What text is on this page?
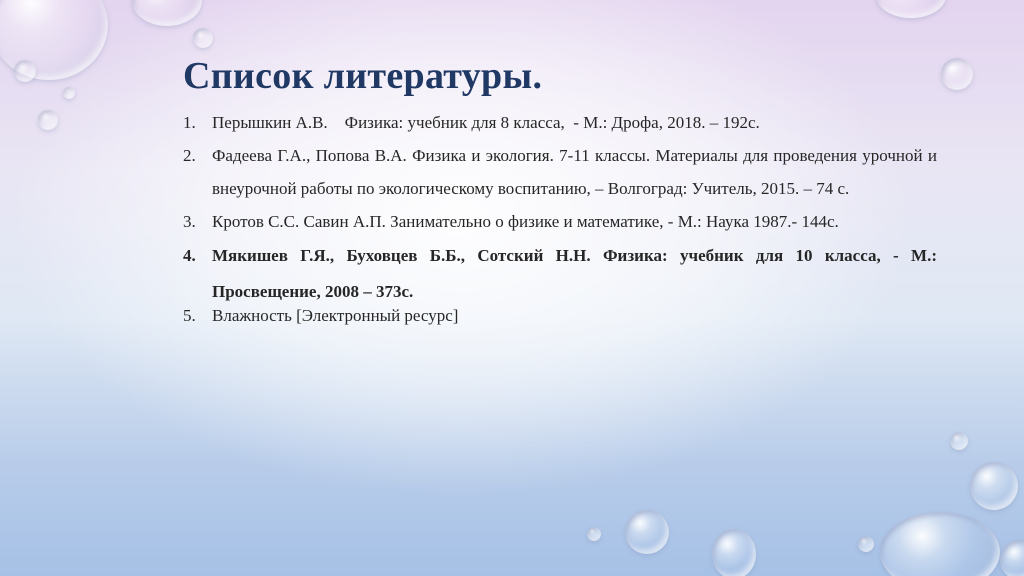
Список литературы.
1. Перышкин А.В.    Физика: учебник для 8 класса,  - М.: Дрофа, 2018. – 192с.
2. Фадеева Г.А., Попова В.А. Физика и экология. 7-11 классы. Материалы для проведения урочной и внеурочной работы по экологическому воспитанию, – Волгоград: Учитель, 2015. – 74 с.
3. Кротов С.С. Савин А.П. Занимательно о физике и математике, - М.: Наука 1987.- 144с.
4. Мякишев Г.Я., Буховцев Б.Б., Сотский Н.Н. Физика: учебник для 10 класса, - М.: Просвещение, 2008 – 373с.
5. Влажность [Электронный ресурс]
